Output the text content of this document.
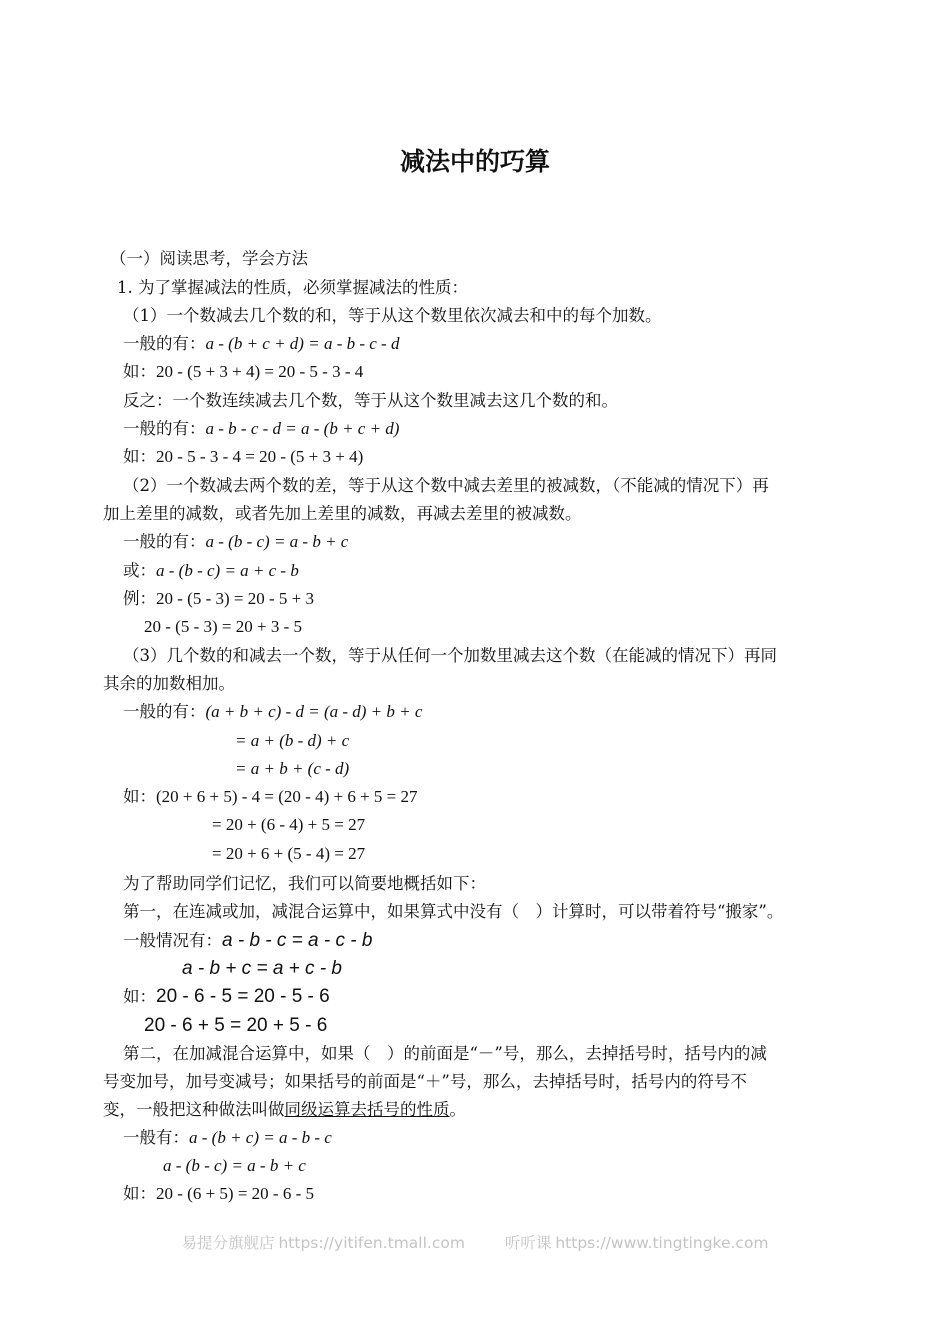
减法中的巧算
（一）阅读思考，学会方法
1. 为了掌握减法的性质，必须掌握减法的性质：
（1）一个数减去几个数的和，等于从这个数里依次减去和中的每个加数。
一般的有：a - (b + c + d) = a - b - c - d
如：20 - (5 + 3 + 4) = 20 - 5 - 3 - 4
反之：一个数连续减去几个数，等于从这个数里减去这几个数的和。
一般的有：a - b - c - d = a - (b + c + d)
如：20 - 5 - 3 - 4 = 20 - (5 + 3 + 4)
（2）一个数减去两个数的差，等于从这个数中减去差里的被减数，（不能减的情况下）再
加上差里的减数，或者先加上差里的减数，再减去差里的被减数。
一般的有：a - (b - c) = a - b + c
或：a - (b - c) = a + c - b
例：20 - (5 - 3) = 20 - 5 + 3
20 - (5 - 3) = 20 + 3 - 5
（3）几个数的和减去一个数，等于从任何一个加数里减去这个数（在能减的情况下）再同
其余的加数相加。
一般的有：(a + b + c) - d = (a - d) + b + c
= a + (b - d) + c
= a + b + (c - d)
如：(20 + 6 + 5) - 4 = (20 - 4) + 6 + 5 = 27
= 20 + (6 - 4) + 5 = 27
= 20 + 6 + (5 - 4) = 27
为了帮助同学们记忆，我们可以简要地概括如下：
第一，在连减或加，减混合运算中，如果算式中没有（　）计算时，可以带着符号“搬家”。
一般情况有：a - b - c = a - c - b
a - b + c = a + c - b
如：20 - 6 - 5 = 20 - 5 - 6
20 - 6 + 5 = 20 + 5 - 6
第二，在加减混合运算中，如果（　）的前面是“－”号，那么，去掉括号时，括号内的减
号变加号，加号变减号；如果括号的前面是“＋”号，那么，去掉括号时，括号内的符号不
变，一般把这种做法叫做同级运算去括号的性质。
一般有：a - (b + c) = a - b - c
a - (b - c) = a - b + c
如：20 - (6 + 5) = 20 - 6 - 5
易提分旗舰店 https://yitifen.tmall.com	听听课 https://www.tingtingke.com
